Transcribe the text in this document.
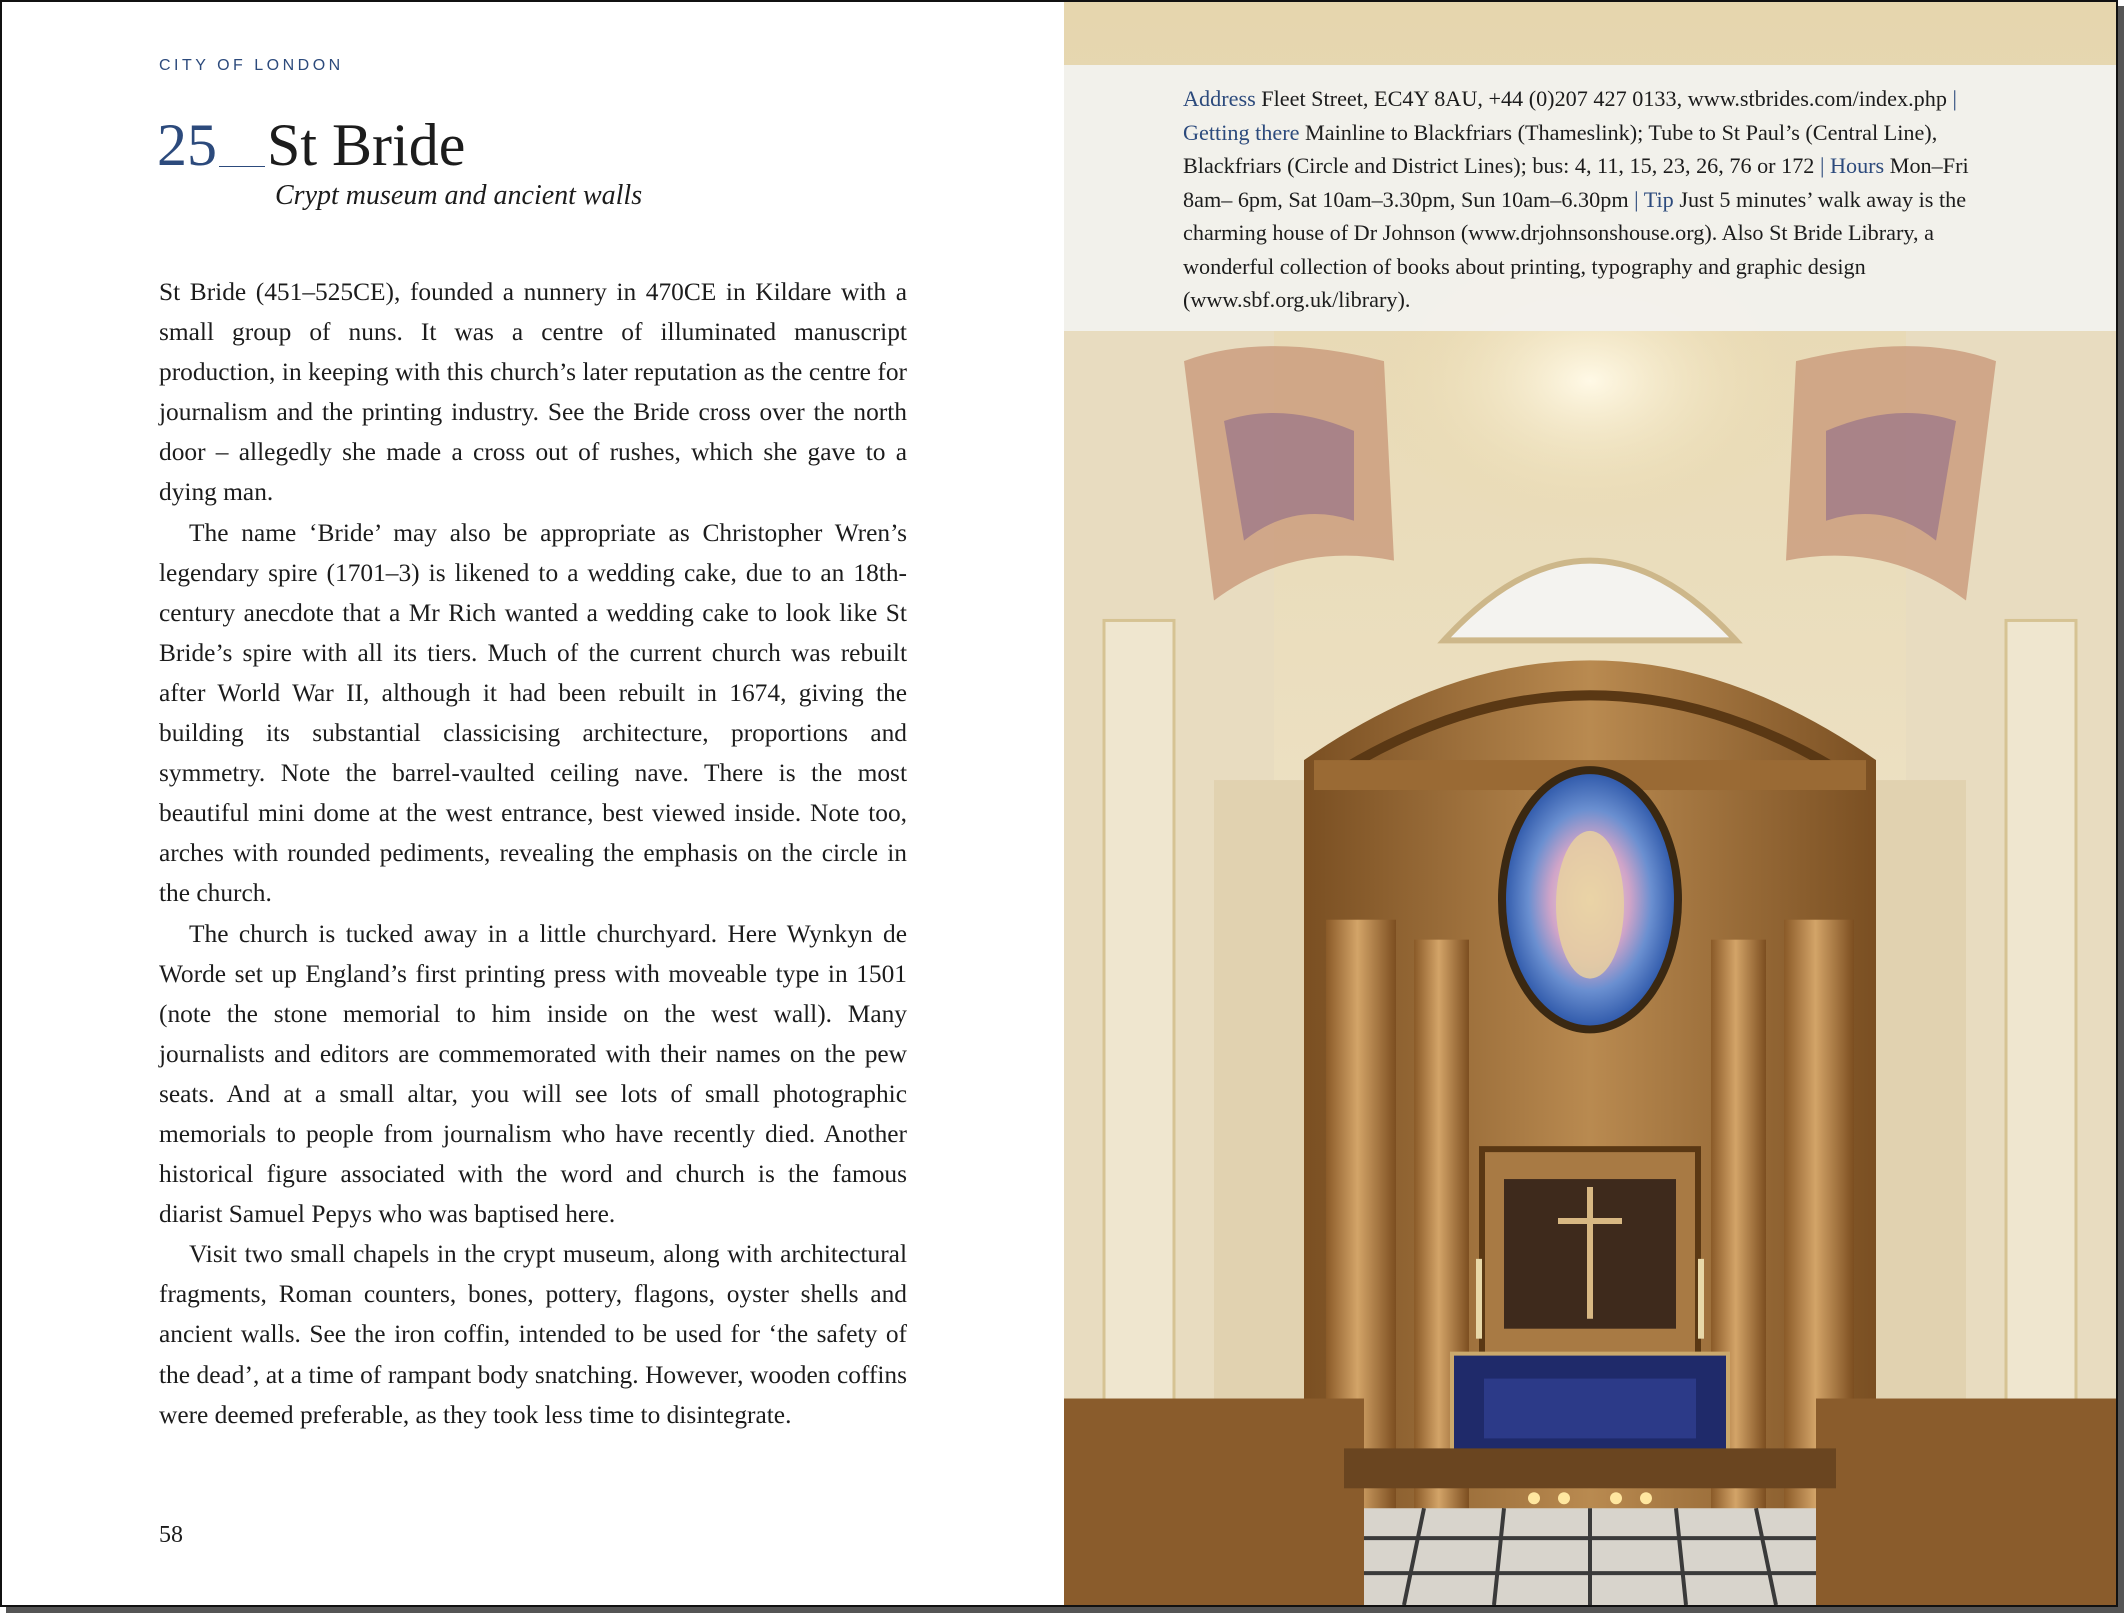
CITY OF LONDON
25 St Bride
Crypt museum and ancient walls

St Bride (451–525CE), founded a nunnery in 470CE in Kildare with a small group of nuns. It was a centre of illuminated manuscript production, in keeping with this church’s later reputation as the centre for journalism and the printing industry. See the Bride cross over the north door – allegedly she made a cross out of rushes, which she gave to a dying man.

The name ‘Bride’ may also be appropriate as Christopher Wren’s legendary spire (1701–3) is likened to a wedding cake, due to an 18th-century anecdote that a Mr Rich wanted a wedding cake to look like St Bride’s spire with all its tiers. Much of the current church was rebuilt after World War II, although it had been rebuilt in 1674, giving the building its substantial classicising architecture, proportions and symmetry. Note the barrel-vaulted ceiling nave. There is the most beautiful mini dome at the west entrance, best viewed inside. Note too, arches with rounded pediments, revealing the emphasis on the circle in the church.

The church is tucked away in a little churchyard. Here Wynkyn de Worde set up England’s first printing press with moveable type in 1501 (note the stone memorial to him inside on the west wall). Many journalists and editors are commemorated with their names on the pew seats. And at a small altar, you will see lots of small photographic memorials to people from journalism who have recently died. Another historical figure associated with the word and church is the famous diarist Samuel Pepys who was baptised here.

Visit two small chapels in the crypt museum, along with architectural fragments, Roman counters, bones, pottery, flagons, oyster shells and ancient walls. See the iron coffin, intended to be used for ‘the safety of the dead’, at a time of rampant body snatching. However, wooden coffins were deemed preferable, as they took less time to disintegrate.

58
Address Fleet Street, EC4Y 8AU, +44 (0)207 427 0133, www.stbrides.com/index.php | Getting there Mainline to Blackfriars (Thameslink); Tube to St Paul’s (Central Line), Blackfriars (Circle and District Lines); bus: 4, 11, 15, 23, 26, 76 or 172 | Hours Mon–Fri 8am– 6pm, Sat 10am–3.30pm, Sun 10am–6.30pm | Tip Just 5 minutes’ walk away is the charming house of Dr Johnson (www.drjohnsonshouse.org). Also St Bride Library, a wonderful collection of books about printing, typography and graphic design (www.sbf.org.uk/library).
